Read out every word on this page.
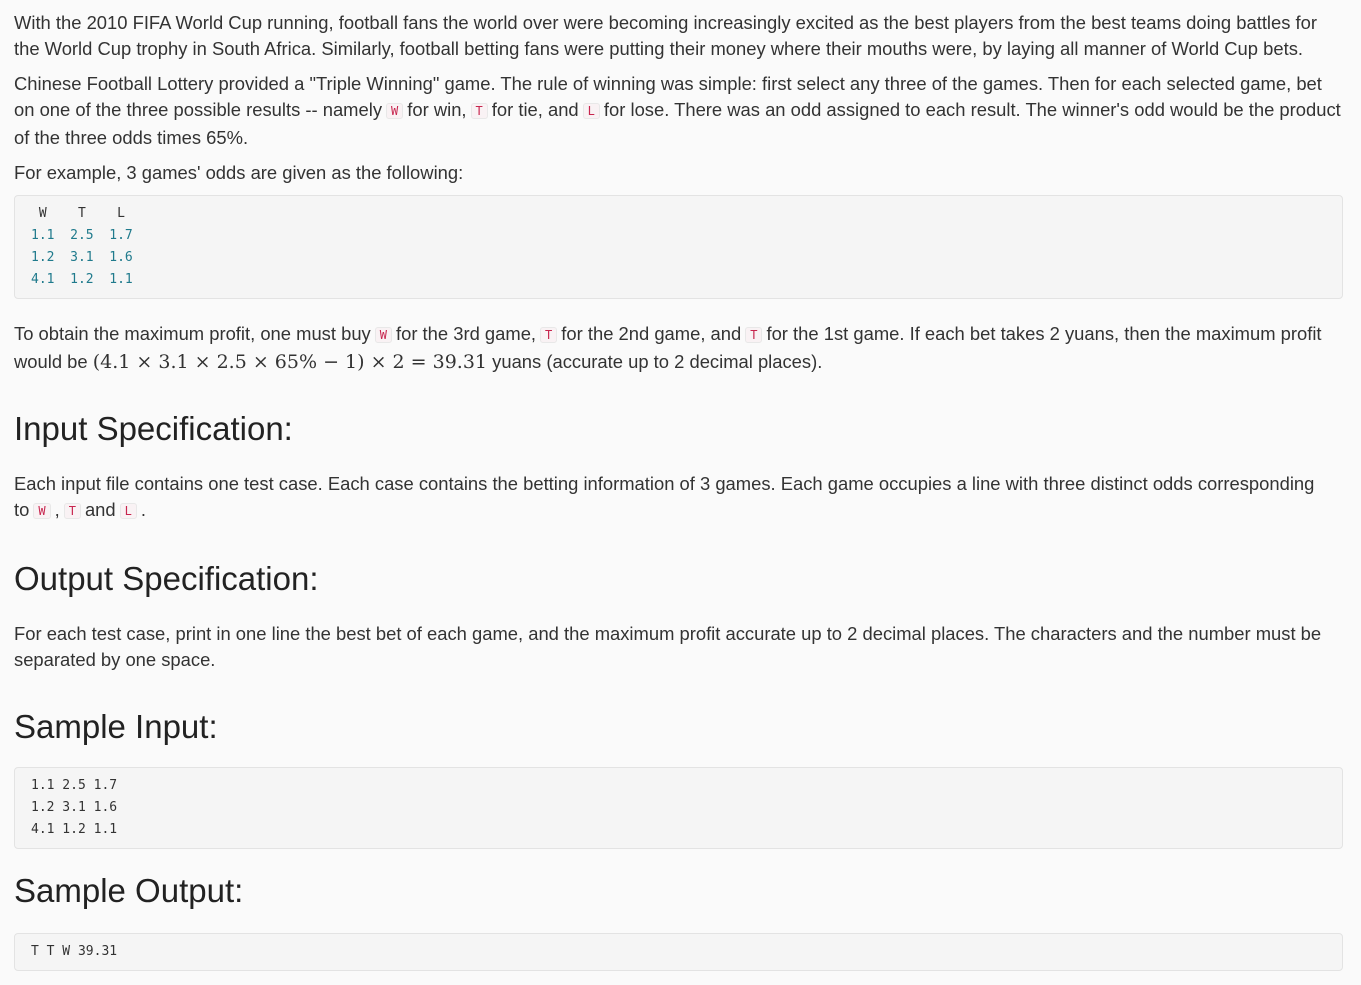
With the 2010 FIFA World Cup running, football fans the world over were becoming increasingly excited as the best players from the best teams doing battles for the World Cup trophy in South Africa. Similarly, football betting fans were putting their money where their mouths were, by laying all manner of World Cup bets.

Chinese Football Lottery provided a "Triple Winning" game. The rule of winning was simple: first select any three of the games. Then for each selected game, bet on one of the three possible results -- namely W for win, T for tie, and L for lose. There was an odd assigned to each result. The winner's odd would be the product of the three odds times 65%.

For example, 3 games' odds are given as the following:

W    T    L
1.1  2.5  1.7
1.2  3.1  1.6
4.1  1.2  1.1

To obtain the maximum profit, one must buy W for the 3rd game, T for the 2nd game, and T for the 1st game. If each bet takes 2 yuans, then the maximum profit would be (4.1 × 3.1 × 2.5 × 65% − 1) × 2 = 39.31 yuans (accurate up to 2 decimal places).

Input Specification:

Each input file contains one test case. Each case contains the betting information of 3 games. Each game occupies a line with three distinct odds corresponding to W , T and L .

Output Specification:

For each test case, print in one line the best bet of each game, and the maximum profit accurate up to 2 decimal places. The characters and the number must be separated by one space.

Sample Input:
1.1 2.5 1.7
1.2 3.1 1.6
4.1 1.2 1.1
Sample Output:
T T W 39.31
